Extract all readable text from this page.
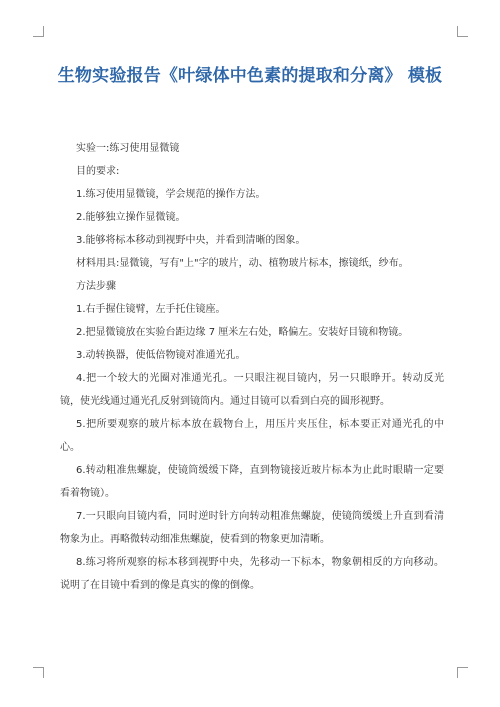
生物实验报告《叶绿体中色素的提取和分离》 模板
实验一:练习使用显微镜
目的要求:
1.练习使用显微镜，学会规范的操作方法。
2.能够独立操作显微镜。
3.能够将标本移动到视野中央，并看到清晰的图象。
材料用具:显微镜，写有"上"字的玻片，动、植物玻片标本，擦镜纸，纱布。
方法步骤
1.右手握住镜臂，左手托住镜座。
2.把显微镜放在实验台距边缘 7 厘米左右处，略偏左。安装好目镜和物镜。
3.动转换器，使低倍物镜对准通光孔。
4.把一个较大的光圈对准通光孔。一只眼注视目镜内，另一只眼睁开。转动反光镜，使光线通过通光孔反射到镜筒内。通过目镜可以看到白亮的圆形视野。
5.把所要观察的玻片标本放在载物台上，用压片夹压住，标本要正对通光孔的中心。
6.转动粗准焦螺旋，使镜筒缓缓下降，直到物镜接近玻片标本为止此时眼睛一定要看着物镜）。
7.一只眼向目镜内看，同时逆时针方向转动粗准焦螺旋，使镜筒缓缓上升直到看清物象为止。再略微转动细准焦螺旋，使看到的物象更加清晰。
8.练习将所观察的标本移到视野中央，先移动一下标本，物象朝相反的方向移动。说明了在目镜中看到的像是真实的像的倒像。
